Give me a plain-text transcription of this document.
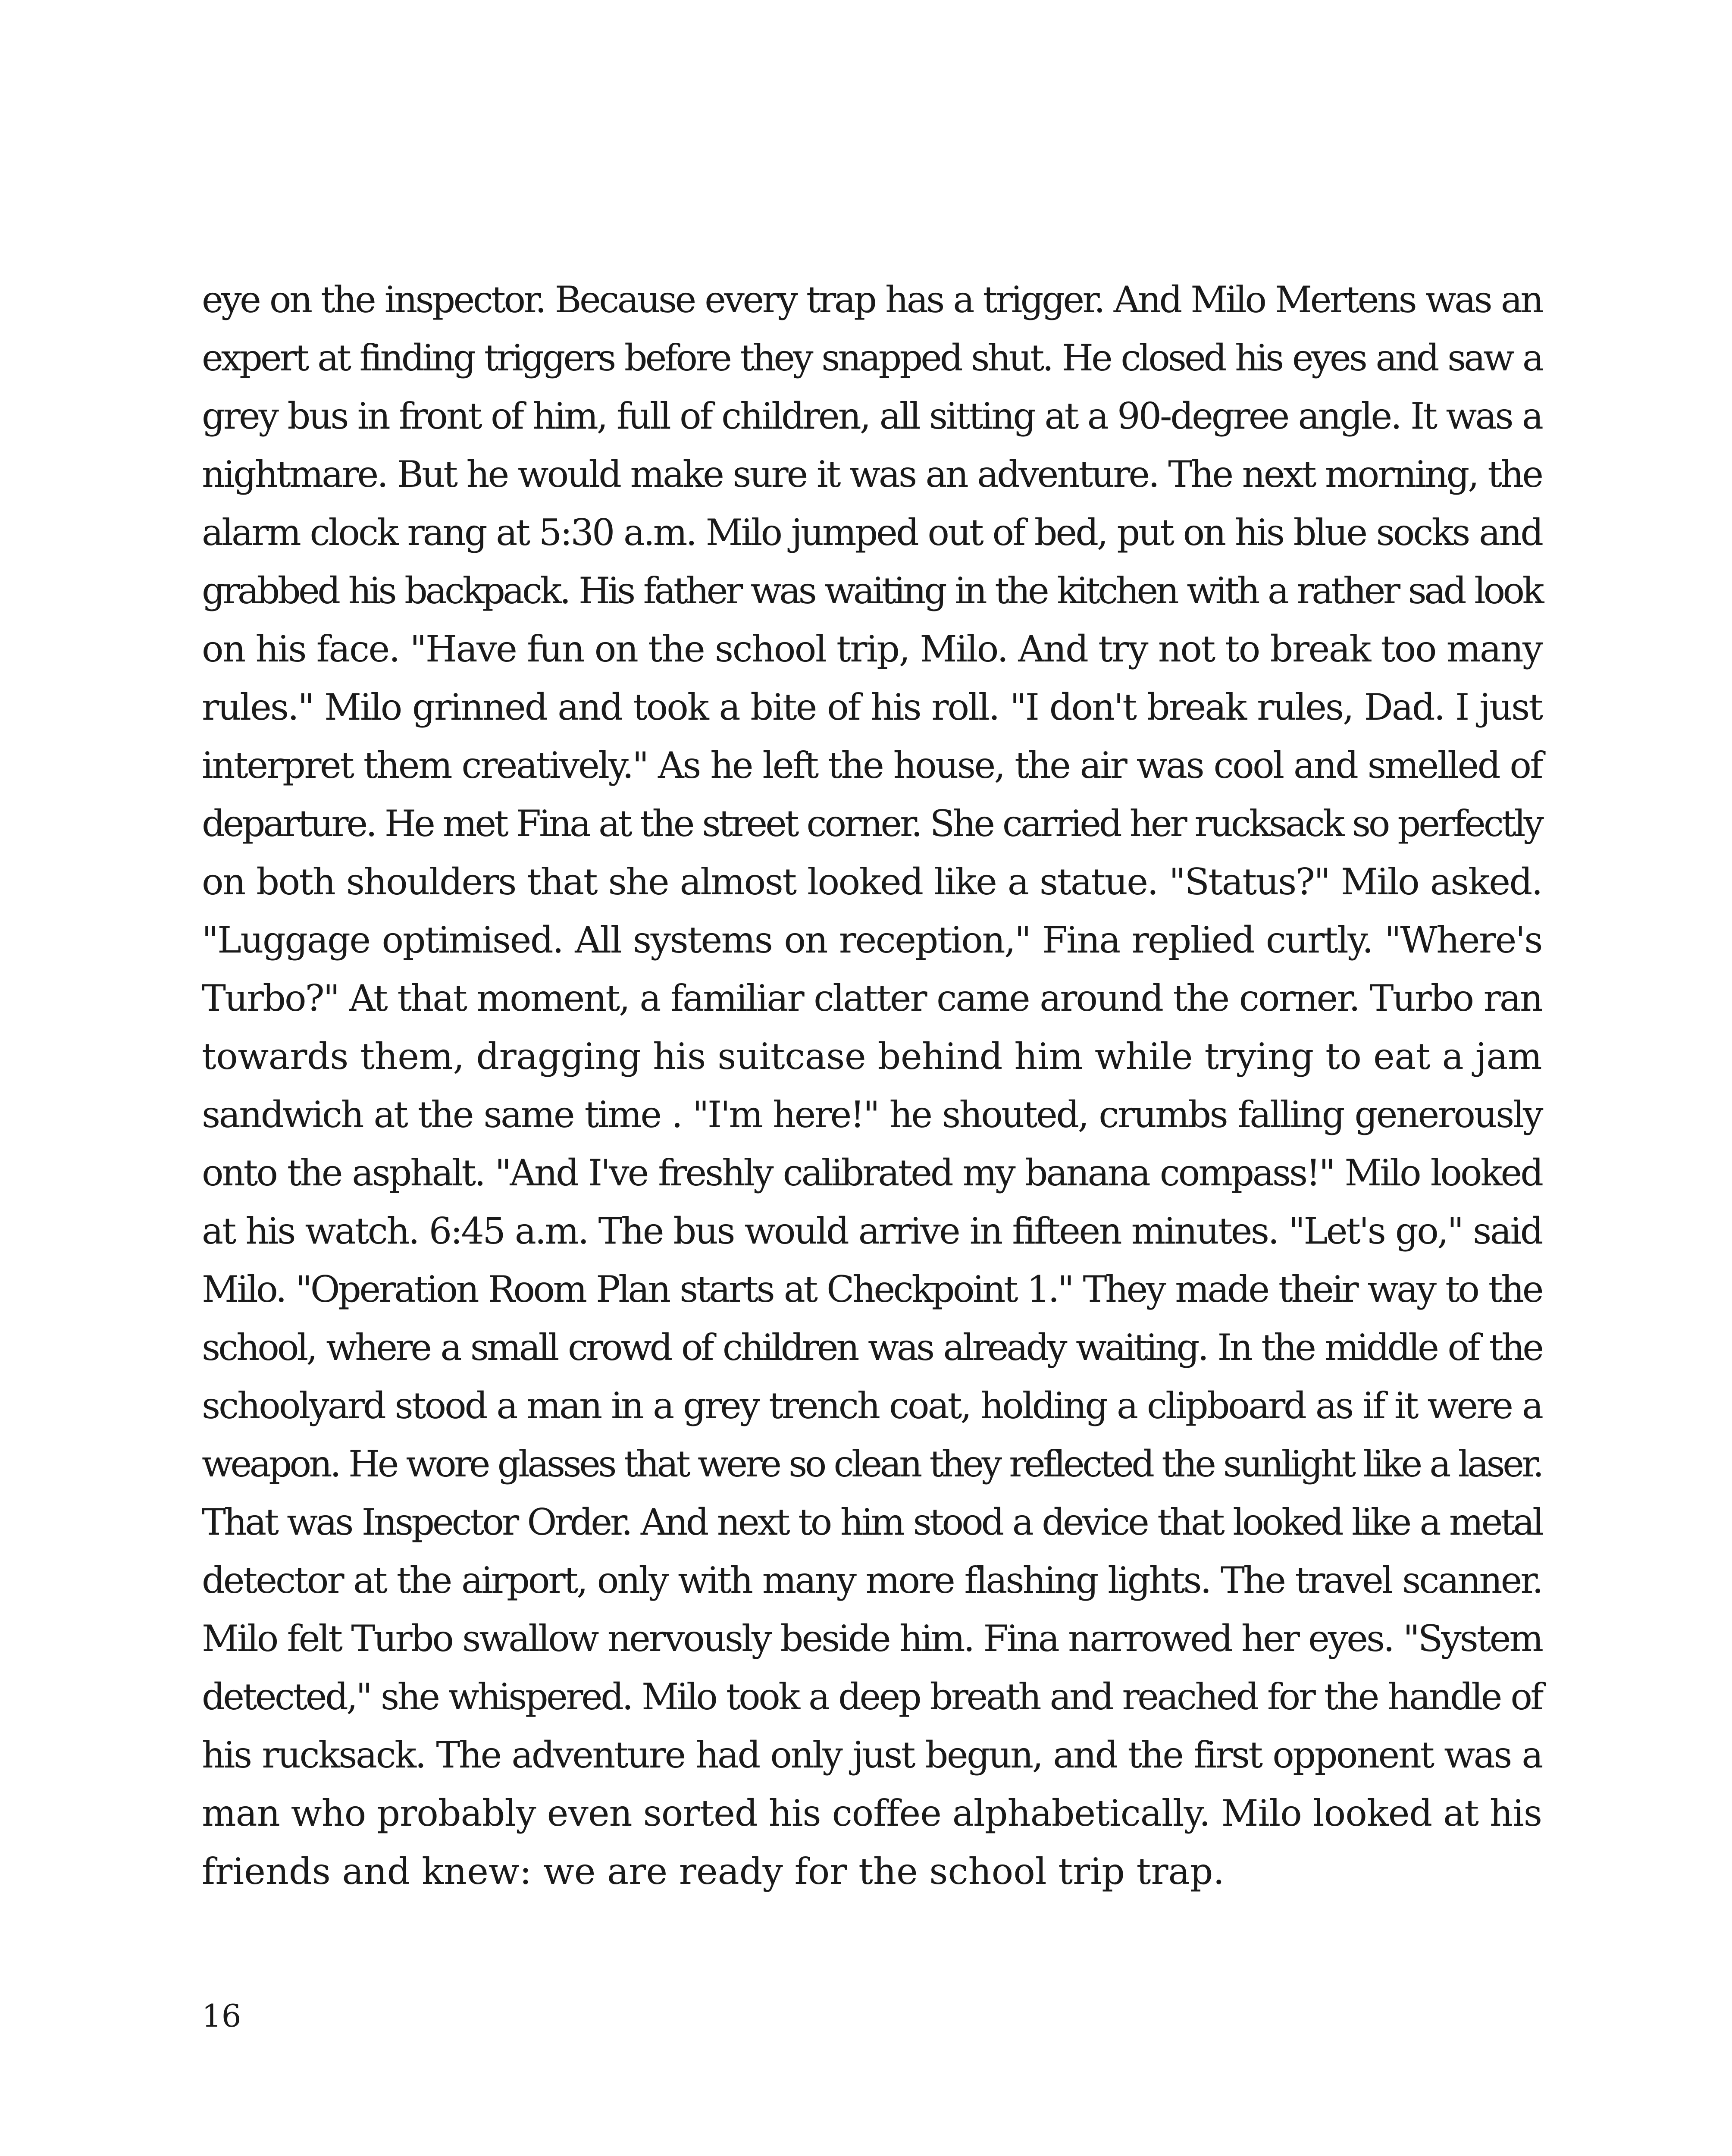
eye on the inspector. Because every trap has a trigger. And Milo Mertens was an
expert at finding triggers before they snapped shut. He closed his eyes and saw a
grey bus in front of him, full of children, all sitting at a 90-degree angle. It was a
nightmare. But he would make sure it was an adventure. The next morning, the
alarm clock rang at 5:30 a.m. Milo jumped out of bed, put on his blue socks and
grabbed his backpack. His father was waiting in the kitchen with a rather sad look
on his face. "Have fun on the school trip, Milo. And try not to break too many
rules." Milo grinned and took a bite of his roll. "I don't break rules, Dad. I just
interpret them creatively." As he left the house, the air was cool and smelled of
departure. He met Fina at the street corner. She carried her rucksack so perfectly
on both shoulders that she almost looked like a statue. "Status?" Milo asked.
"Luggage optimised. All systems on reception," Fina replied curtly. "Where's
Turbo?" At that moment, a familiar clatter came around the corner. Turbo ran
towards them, dragging his suitcase behind him while trying to eat a jam
sandwich at the same time . "I'm here!" he shouted, crumbs falling generously
onto the asphalt. "And I've freshly calibrated my banana compass!" Milo looked
at his watch. 6:45 a.m. The bus would arrive in fifteen minutes. "Let's go," said
Milo. "Operation Room Plan starts at Checkpoint 1." They made their way to the
school, where a small crowd of children was already waiting. In the middle of the
schoolyard stood a man in a grey trench coat, holding a clipboard as if it were a
weapon. He wore glasses that were so clean they reflected the sunlight like a laser.
That was Inspector Order. And next to him stood a device that looked like a metal
detector at the airport, only with many more flashing lights. The travel scanner.
Milo felt Turbo swallow nervously beside him. Fina narrowed her eyes. "System
detected," she whispered. Milo took a deep breath and reached for the handle of
his rucksack. The adventure had only just begun, and the first opponent was a
man who probably even sorted his coffee alphabetically. Milo looked at his
friends and knew: we are ready for the school trip trap.
16
